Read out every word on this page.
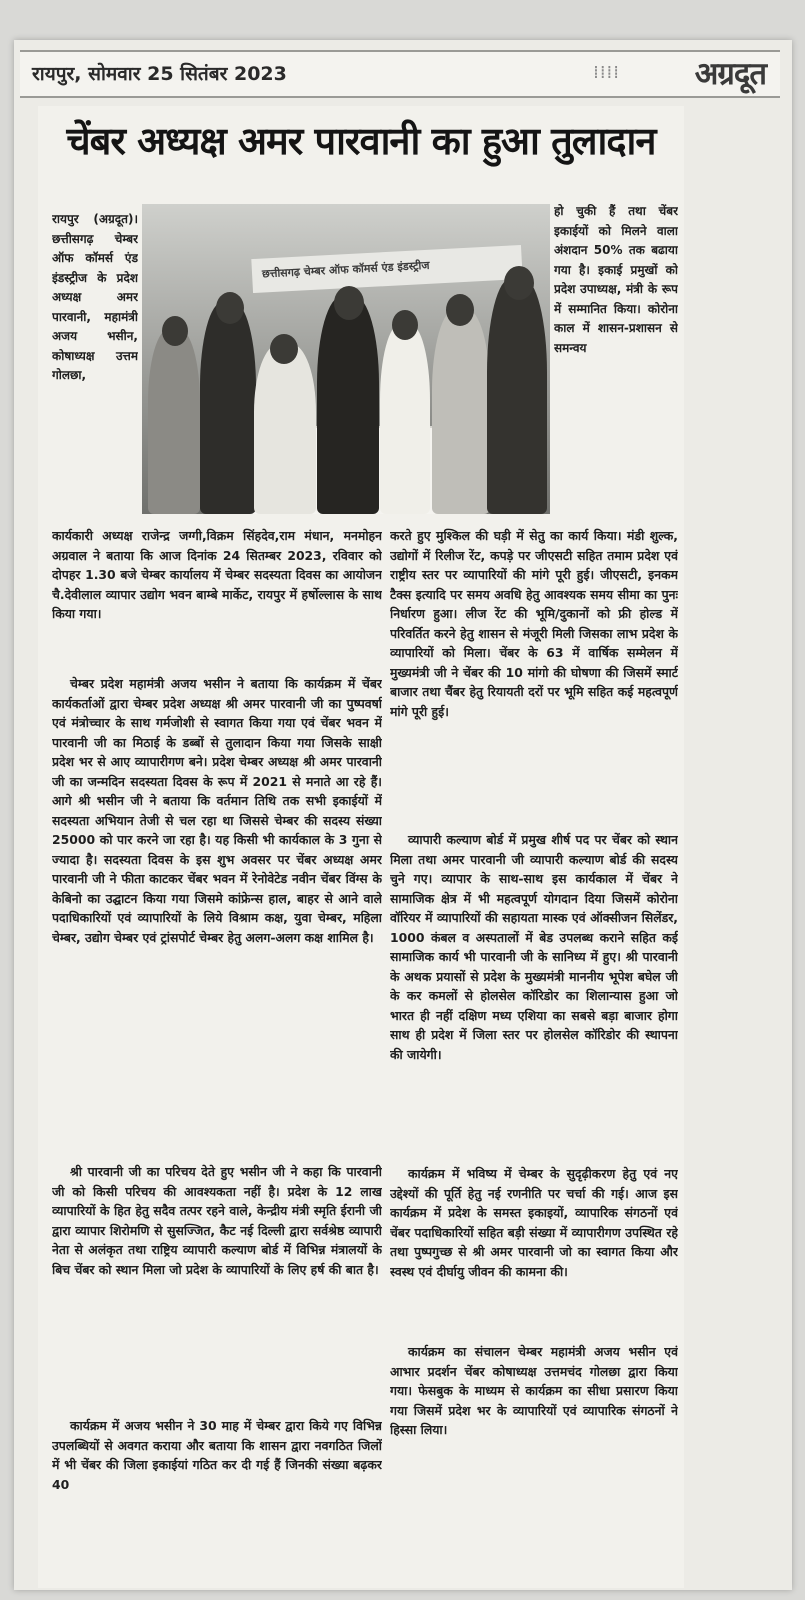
रायपुर, सोमवार 25 सितंबर 2023	⁞⁞⁞⁞ अग्रदूत
चेंबर अध्यक्ष अमर पारवानी का हुआ तुलादान

रायपुर (अग्रदूत)। छत्तीसगढ़ चेम्बर ऑफ कॉमर्स एंड इंडस्ट्रीज के प्रदेश अध्यक्ष अमर पारवानी, महामंत्री अजय भसीन, कोषाध्यक्ष उत्तम गोलछा,

छत्तीसगढ़ चेम्बर ऑफ कॉमर्स एंड इंडस्ट्रीज

हो चुकी हैं तथा चेंबर इकाईयों को मिलने वाला अंशदान 50% तक बढाया गया है। इकाई प्रमुखों को प्रदेश उपाध्यक्ष, मंत्री के रूप में सम्मानित किया। कोरोना काल में शासन-प्रशासन से समन्वय

कार्यकारी अध्यक्ष राजेन्द्र जग्गी,विक्रम सिंहदेव,राम मंधान, मनमोहन अग्रवाल ने बताया कि आज दिनांक 24 सितम्बर 2023, रविवार को दोपहर 1.30 बजे चेम्बर कार्यालय में चेम्बर सदस्यता दिवस का आयोजन चै.देवीलाल व्यापार उद्योग भवन बाम्बे मार्केट, रायपुर में हर्षोल्लास के साथ किया गया।

चेम्बर प्रदेश महामंत्री अजय भसीन ने बताया कि कार्यक्रम में चेंबर कार्यकर्ताओं द्वारा चेम्बर प्रदेश अध्यक्ष श्री अमर पारवानी जी का पुष्पवर्षा एवं मंत्रोच्चार के साथ गर्मजोशी से स्वागत किया गया एवं चेंबर भवन में पारवानी जी का मिठाई के डब्बों से तुलादान किया गया जिसके साक्षी प्रदेश भर से आए व्यापारीगण बने। प्रदेश चेम्बर अध्यक्ष श्री अमर पारवानी जी का जन्मदिन सदस्यता दिवस के रूप में 2021 से मनाते आ रहे हैं। आगे श्री भसीन जी ने बताया कि वर्तमान तिथि तक सभी इकाईयों में सदस्यता अभियान तेजी से चल रहा था जिससे चेम्बर की सदस्य संख्या 25000 को पार करने जा रहा है। यह किसी भी कार्यकाल के 3 गुना से ज्यादा है। सदस्यता दिवस के इस शुभ अवसर पर चेंबर अध्यक्ष अमर पारवानी जी ने फीता काटकर चेंबर भवन में रेनोवेटेड नवीन चेंबर विंग्स के केबिनो का उद्घाटन किया गया जिसमे कांफ्रेन्स हाल, बाहर से आने वाले पदाधिकारियों एवं व्यापारियों के लिये विश्राम कक्ष, युवा चेम्बर, महिला चेम्बर, उद्योग चेम्बर एवं ट्रांसपोर्ट चेम्बर हेतु अलग-अलग कक्ष शामिल है।

श्री पारवानी जी का परिचय देते हुए भसीन जी ने कहा कि पारवानी जी को किसी परिचय की आवश्यकता नहीं है। प्रदेश के 12 लाख व्यापारियों के हित हेतु सदैव तत्पर रहने वाले, केन्द्रीय मंत्री स्मृति ईरानी जी द्वारा व्यापार शिरोमणि से सुसज्जित, कैट नई दिल्ली द्वारा सर्वश्रेष्ठ व्यापारी नेता से अलंकृत तथा राष्ट्रिय व्यापारी कल्याण बोर्ड में विभिन्न मंत्रालयों के बिच चेंबर को स्थान मिला जो प्रदेश के व्यापारियों के लिए हर्ष की बात है।

कार्यक्रम में अजय भसीन ने 30 माह में चेम्बर द्वारा किये गए विभिन्न उपलब्धियों से अवगत कराया और बताया कि शासन द्वारा नवगठित जिलों में भी चेंबर की जिला इकाईयां गठित कर दी गई हैं जिनकी संख्या बढ़कर 40

करते हुए मुश्किल की घड़ी में सेतु का कार्य किया। मंडी शुल्क, उद्योगों में रिलीज रेंट, कपड़े पर जीएसटी सहित तमाम प्रदेश एवं राष्ट्रीय स्तर पर व्यापारियों की मांगे पूरी हुई। जीएसटी, इनकम टैक्स इत्यादि पर समय अवधि हेतु आवश्यक समय सीमा का पुनः निर्धारण हुआ। लीज रेंट की भूमि/दुकानों को फ्री होल्ड में परिवर्तित करने हेतु शासन से मंजूरी मिली जिसका लाभ प्रदेश के व्यापारियों को मिला। चेंबर के 63 में वार्षिक सम्मेलन में मुख्यमंत्री जी ने चेंबर की 10 मांगो की घोषणा की जिसमें स्मार्ट बाजार तथा चैंबर हेतु रियायती दरों पर भूमि सहित कई महत्वपूर्ण मांगे पूरी हुई।

व्यापारी कल्याण बोर्ड में प्रमुख शीर्ष पद पर चेंबर को स्थान मिला तथा अमर पारवानी जी व्यापारी कल्याण बोर्ड की सदस्य चुने गए। व्यापार के साथ-साथ इस कार्यकाल में चेंबर ने सामाजिक क्षेत्र में भी महत्वपूर्ण योगदान दिया जिसमें कोरोना वॉरियर में व्यापारियों की सहायता मास्क एवं ऑक्सीजन सिलेंडर, 1000 कंबल व अस्पतालों में बेड उपलब्ध कराने सहित कई सामाजिक कार्य भी पारवानी जी के सानिध्य में हुए। श्री पारवानी के अथक प्रयासों से प्रदेश के मुख्यमंत्री माननीय भूपेश बघेल जी के कर कमलों से होलसेल कॉरिडोर का शिलान्यास हुआ जो भारत ही नहीं दक्षिण मध्य एशिया का सबसे बड़ा बाजार होगा साथ ही प्रदेश में जिला स्तर पर होलसेल कॉरिडोर की स्थापना की जायेगी।

कार्यक्रम में भविष्य में चेम्बर के सुदृढ़ीकरण हेतु एवं नए उद्देश्यों की पूर्ति हेतु नई रणनीति पर चर्चा की गई। आज इस कार्यक्रम में प्रदेश के समस्त इकाइयों, व्यापारिक संगठनों एवं चेंबर पदाधिकारियों सहित बड़ी संख्या में व्यापारीगण उपस्थित रहे तथा पुष्पगुच्छ से श्री अमर पारवानी जो का स्वागत किया और स्वस्थ एवं दीर्घायु जीवन की कामना की।

कार्यक्रम का संचालन चेम्बर महामंत्री अजय भसीन एवं आभार प्रदर्शन चेंबर कोषाध्यक्ष उत्तमचंद गोलछा द्वारा किया गया। फेसबुक के माध्यम से कार्यक्रम का सीधा प्रसारण किया गया जिसमें प्रदेश भर के व्यापारियों एवं व्यापारिक संगठनों ने हिस्सा लिया।
